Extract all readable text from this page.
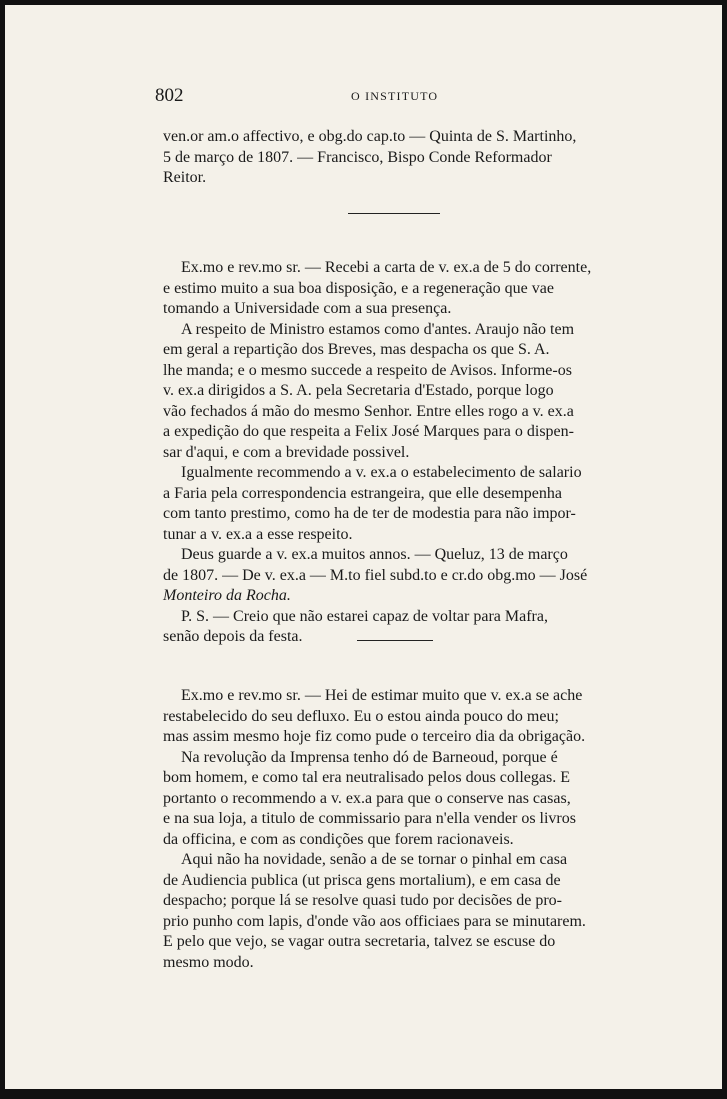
802	O INSTITUTO
ven.or am.o affectivo, e obg.do cap.to — Quinta de S. Martinho,
5 de março de 1807. — Francisco, Bispo Conde Reformador
Reitor.
Ex.mo e rev.mo sr. — Recebi a carta de v. ex.a de 5 do corrente,
e estimo muito a sua boa disposição, e a regeneração que vae
tomando a Universidade com a sua presença.
A respeito de Ministro estamos como d'antes. Araujo não tem
em geral a repartição dos Breves, mas despacha os que S. A.
lhe manda; e o mesmo succede a respeito de Avisos. Informe-os
v. ex.a dirigidos a S. A. pela Secretaria d'Estado, porque logo
vão fechados á mão do mesmo Senhor. Entre elles rogo a v. ex.a
a expedição do que respeita a Felix José Marques para o dispen-
sar d'aqui, e com a brevidade possivel.
Igualmente recommendo a v. ex.a o estabelecimento de salario
a Faria pela correspondencia estrangeira, que elle desempenha
com tanto prestimo, como ha de ter de modestia para não impor-
tunar a v. ex.a a esse respeito.
Deus guarde a v. ex.a muitos annos. — Queluz, 13 de março
de 1807. — De v. ex.a — M.to fiel subd.to e cr.do obg.mo — José
Monteiro da Rocha.
P. S. — Creio que não estarei capaz de voltar para Mafra,
senão depois da festa.
Ex.mo e rev.mo sr. — Hei de estimar muito que v. ex.a se ache
restabelecido do seu defluxo. Eu o estou ainda pouco do meu;
mas assim mesmo hoje fiz como pude o terceiro dia da obrigação.
Na revolução da Imprensa tenho dó de Barneoud, porque é
bom homem, e como tal era neutralisado pelos dous collegas. E
portanto o recommendo a v. ex.a para que o conserve nas casas,
e na sua loja, a titulo de commissario para n'ella vender os livros
da officina, e com as condições que forem racionaveis.
Aqui não ha novidade, senão a de se tornar o pinhal em casa
de Audiencia publica (ut prisca gens mortalium), e em casa de
despacho; porque lá se resolve quasi tudo por decisões de pro-
prio punho com lapis, d'onde vão aos officiaes para se minutarem.
E pelo que vejo, se vagar outra secretaria, talvez se escuse do
mesmo modo.
